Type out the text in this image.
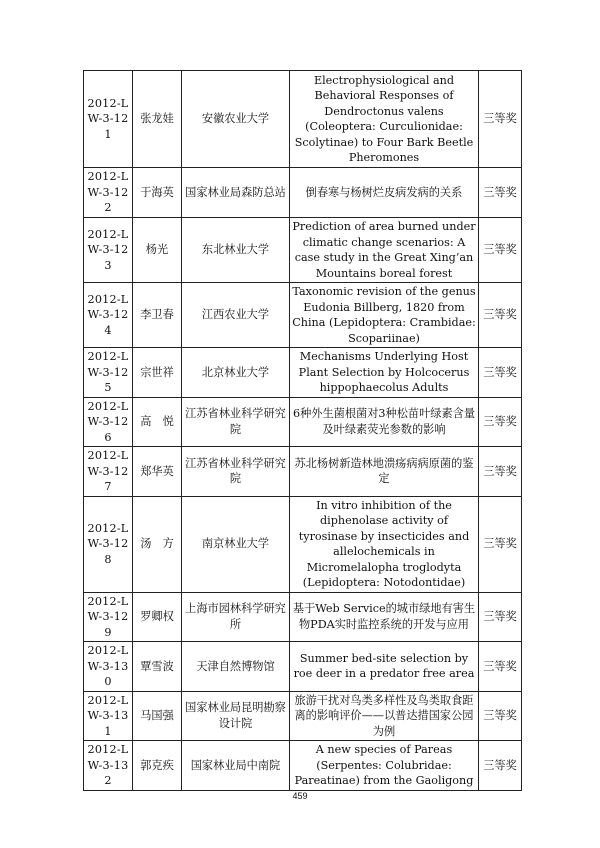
2012-LW-3-121	张龙娃	安徽农业大学	Electrophysiological and Behavioral Responses of Dendroctonus valens (Coleoptera: Curculionidae: Scolytinae) to Four Bark Beetle Pheromones	三等奖
2012-LW-3-122	于海英	国家林业局森防总站	倒春寒与杨树烂皮病发病的关系	三等奖
2012-LW-3-123	杨光	东北林业大学	Prediction of area burned under climatic change scenarios: A case study in the Great Xing’an Mountains boreal forest	三等奖
2012-LW-3-124	李卫春	江西农业大学	Taxonomic revision of the genus Eudonia Billberg, 1820 from China (Lepidoptera: Crambidae: Scopariinae)	三等奖
2012-LW-3-125	宗世祥	北京林业大学	Mechanisms Underlying Host Plant Selection by Holcocerus hippophaecolus Adults	三等奖
2012-LW-3-126	高　悦	江苏省林业科学研究院	6种外生菌根菌对3种松苗叶绿素含量及叶绿素荧光参数的影响	三等奖
2012-LW-3-127	郑华英	江苏省林业科学研究院	苏北杨树新造林地溃疡病病原菌的鉴定	三等奖
2012-LW-3-128	汤　方	南京林业大学	In vitro inhibition of the diphenolase activity of tyrosinase by insecticides and allelochemicals in Micromelalopha troglodyta (Lepidoptera: Notodontidae)	三等奖
2012-LW-3-129	罗卿权	上海市园林科学研究所	基于Web Service的城市绿地有害生物PDA实时监控系统的开发与应用	三等奖
2012-LW-3-130	覃雪波	天津自然博物馆	Summer bed-site selection by roe deer in a predator free area	三等奖
2012-LW-3-131	马国强	国家林业局昆明勘察设计院	旅游干扰对鸟类多样性及鸟类取食距离的影响评价——以普达措国家公园为例	三等奖
2012-LW-3-132	郭克疾	国家林业局中南院	A new species of Pareas (Serpentes: Colubridae: Pareatinae) from the Gaoligong	三等奖
459
